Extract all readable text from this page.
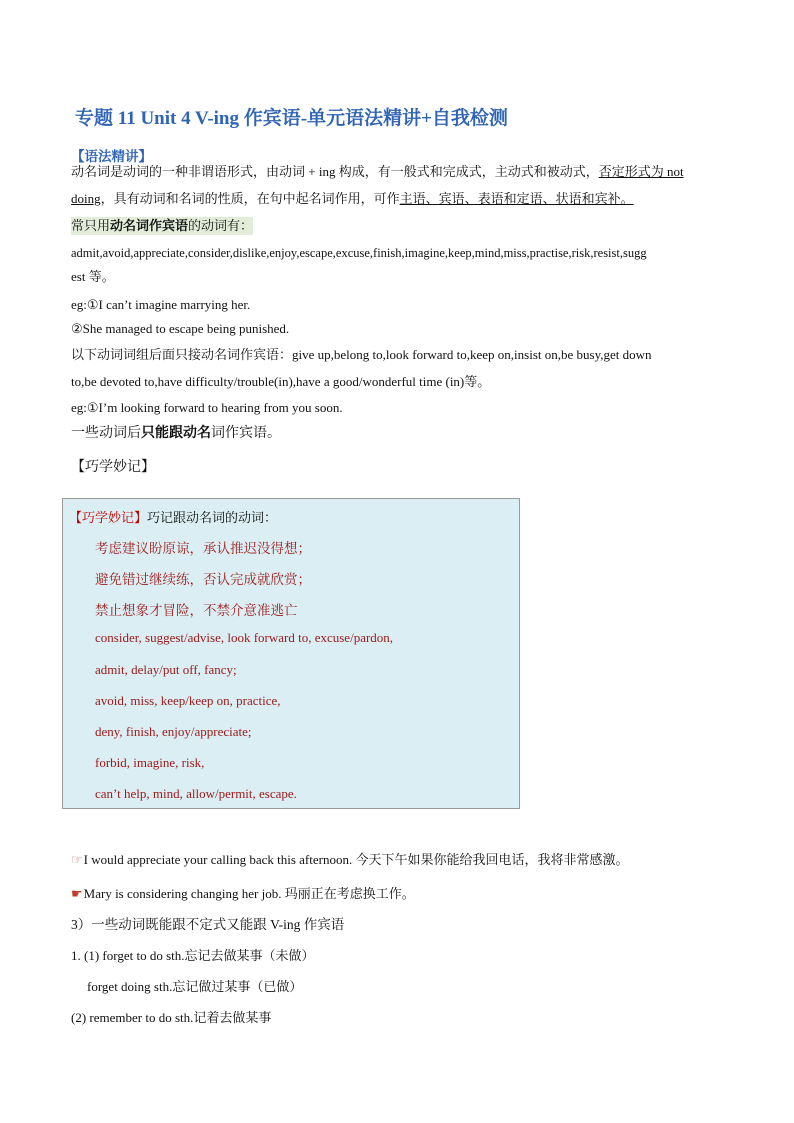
专题 11 Unit 4 V-ing 作宾语-单元语法精讲+自我检测
【语法精讲】
动名词是动词的一种非谓语形式，由动词 + ing 构成，有一般式和完成式，主动式和被动式，否定形式为 not
doing，具有动词和名词的性质，在句中起名词作用，可作主语、宾语、表语和定语、状语和宾补。
常只用动名词作宾语的动词有：
admit,avoid,appreciate,consider,dislike,enjoy,escape,excuse,finish,imagine,keep,mind,miss,practise,risk,resist,sugg
est 等。
eg:①I can’t imagine marrying her.
②She managed to escape being punished.
以下动词词组后面只接动名词作宾语：give up,belong to,look forward to,keep on,insist on,be busy,get down
to,be devoted to,have difficulty/trouble(in),have a good/wonderful time (in)等。
eg:①I’m looking forward to hearing from you soon.
一些动词后只能跟动名词作宾语。
【巧学妙记】
【巧学妙记】巧记跟动名词的动词：
考虑建议盼原谅，承认推迟没得想；
避免错过继续练，否认完成就欣赏；
禁止想象才冒险，不禁介意准逃亡
consider, suggest/advise, look forward to, excuse/pardon,
admit, delay/put off, fancy;
avoid, miss, keep/keep on, practice,
deny, finish, enjoy/appreciate;
forbid, imagine, risk,
can’t help, mind, allow/permit, escape.
☞I would appreciate your calling back this afternoon. 今天下午如果你能给我回电话，我将非常感激。
☛Mary is considering changing her job. 玛丽正在考虑换工作。
3）一些动词既能跟不定式又能跟 V-ing 作宾语
1. (1) forget to do sth.忘记去做某事（未做）
forget doing sth.忘记做过某事（已做）
(2) remember to do sth.记着去做某事
